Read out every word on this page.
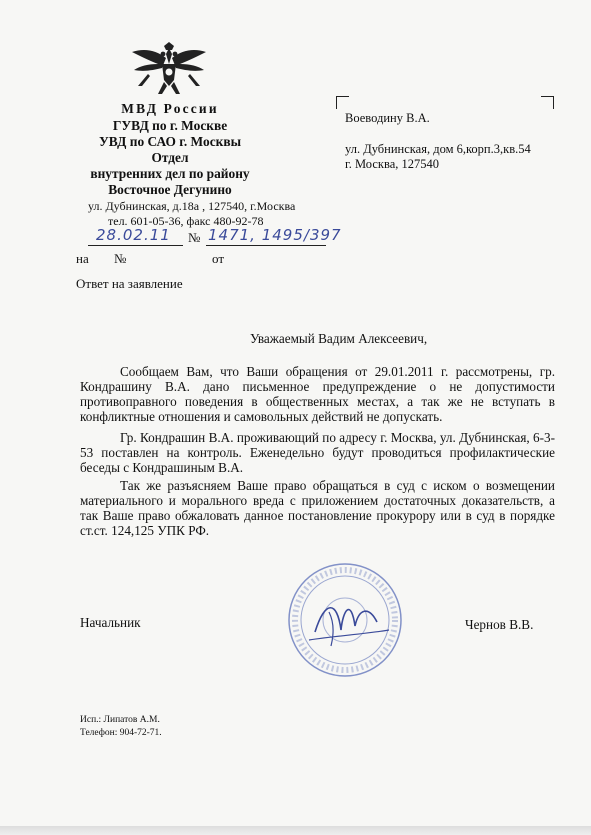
МВД России
ГУВД по г. Москве
УВД по САО г. Москвы
Отдел
внутренних дел по району
Восточное Дегунино
ул. Дубнинская, д.18а , 127540, г.Москва
тел. 601-05-36, факс 480-92-78
28.02.11 № 1471, 1495/397
на №	от
Ответ на заявление
Воеводину В.А.
ул. Дубнинская, дом 6,корп.3,кв.54
г. Москва, 127540
Уважаемый Вадим Алексеевич,
Сообщаем Вам, что Ваши обращения от 29.01.2011 г. рассмотрены, гр. Кондрашину В.А. дано письменное предупреждение о не допустимости противоправного поведения в общественных местах, а так же не вступать в конфликтные отношения и самовольных действий не допускать.
Гр. Кондрашин В.А. проживающий по адресу г. Москва, ул. Дубнинская, 6-3-53 поставлен на контроль. Еженедельно будут проводиться профилактические беседы с Кондрашиным В.А.
Так же разъясняем Ваше право обращаться в суд с иском о возмещении материального и морального вреда с приложением достаточных доказательств, а так Ваше право обжаловать данное постановление прокурору или в суд в порядке ст.ст. 124,125 УПК РФ.
Начальник	Чернов В.В.
Исп.: Липатов А.М.
Телефон: 904-72-71.
